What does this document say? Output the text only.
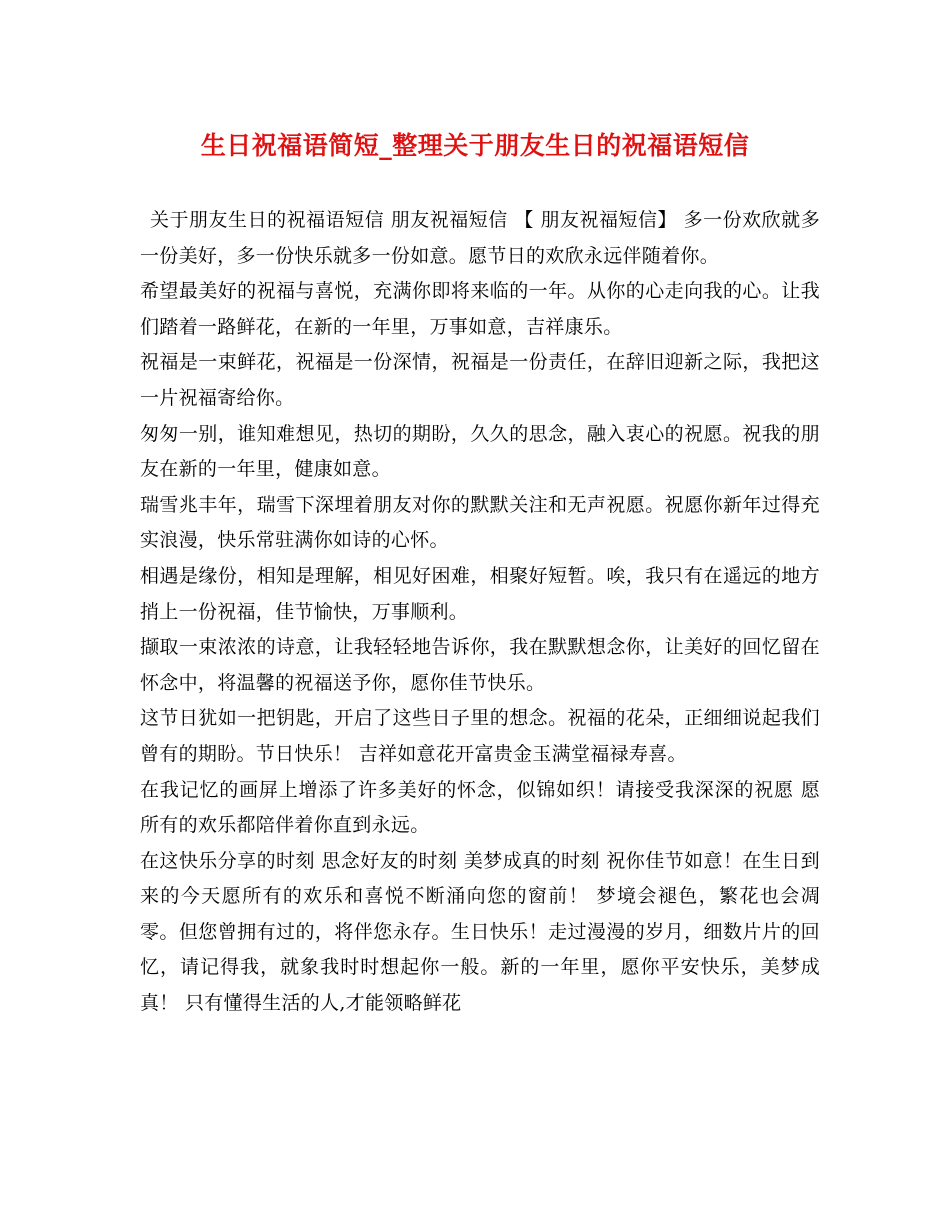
生日祝福语简短_整理关于朋友生日的祝福语短信

关于朋友生日的祝福语短信 朋友祝福短信 【 朋友祝福短信】 多一份欢欣就多一份美好，多一份快乐就多一份如意。愿节日的欢欣永远伴随着你。

希望最美好的祝福与喜悦，充满你即将来临的一年。从你的心走向我的心。让我们踏着一路鲜花，在新的一年里，万事如意，吉祥康乐。

祝福是一束鲜花，祝福是一份深情，祝福是一份责任，在辞旧迎新之际，我把这一片祝福寄给你。

匆匆一别，谁知难想见，热切的期盼，久久的思念，融入衷心的祝愿。祝我的朋友在新的一年里，健康如意。

瑞雪兆丰年，瑞雪下深埋着朋友对你的默默关注和无声祝愿。祝愿你新年过得充实浪漫，快乐常驻满你如诗的心怀。

相遇是缘份，相知是理解，相见好困难，相聚好短暂。唉，我只有在遥远的地方捎上一份祝福，佳节愉快，万事顺利。

撷取一束浓浓的诗意，让我轻轻地告诉你，我在默默想念你，让美好的回忆留在怀念中，将温馨的祝福送予你，愿你佳节快乐。

这节日犹如一把钥匙，开启了这些日子里的想念。祝福的花朵，正细细说起我们曾有的期盼。节日快乐！ 吉祥如意花开富贵金玉满堂福禄寿喜。

在我记忆的画屏上增添了许多美好的怀念，似锦如织！请接受我深深的祝愿 愿所有的欢乐都陪伴着你直到永远。

在这快乐分享的时刻 思念好友的时刻 美梦成真的时刻 祝你佳节如意！在生日到来的今天愿所有的欢乐和喜悦不断涌向您的窗前！ 梦境会褪色，繁花也会凋零。但您曾拥有过的，将伴您永存。生日快乐！走过漫漫的岁月，细数片片的回忆，请记得我，就象我时时想起你一般。新的一年里，愿你平安快乐，美梦成真！ 只有懂得生活的人,才能领略鲜花
